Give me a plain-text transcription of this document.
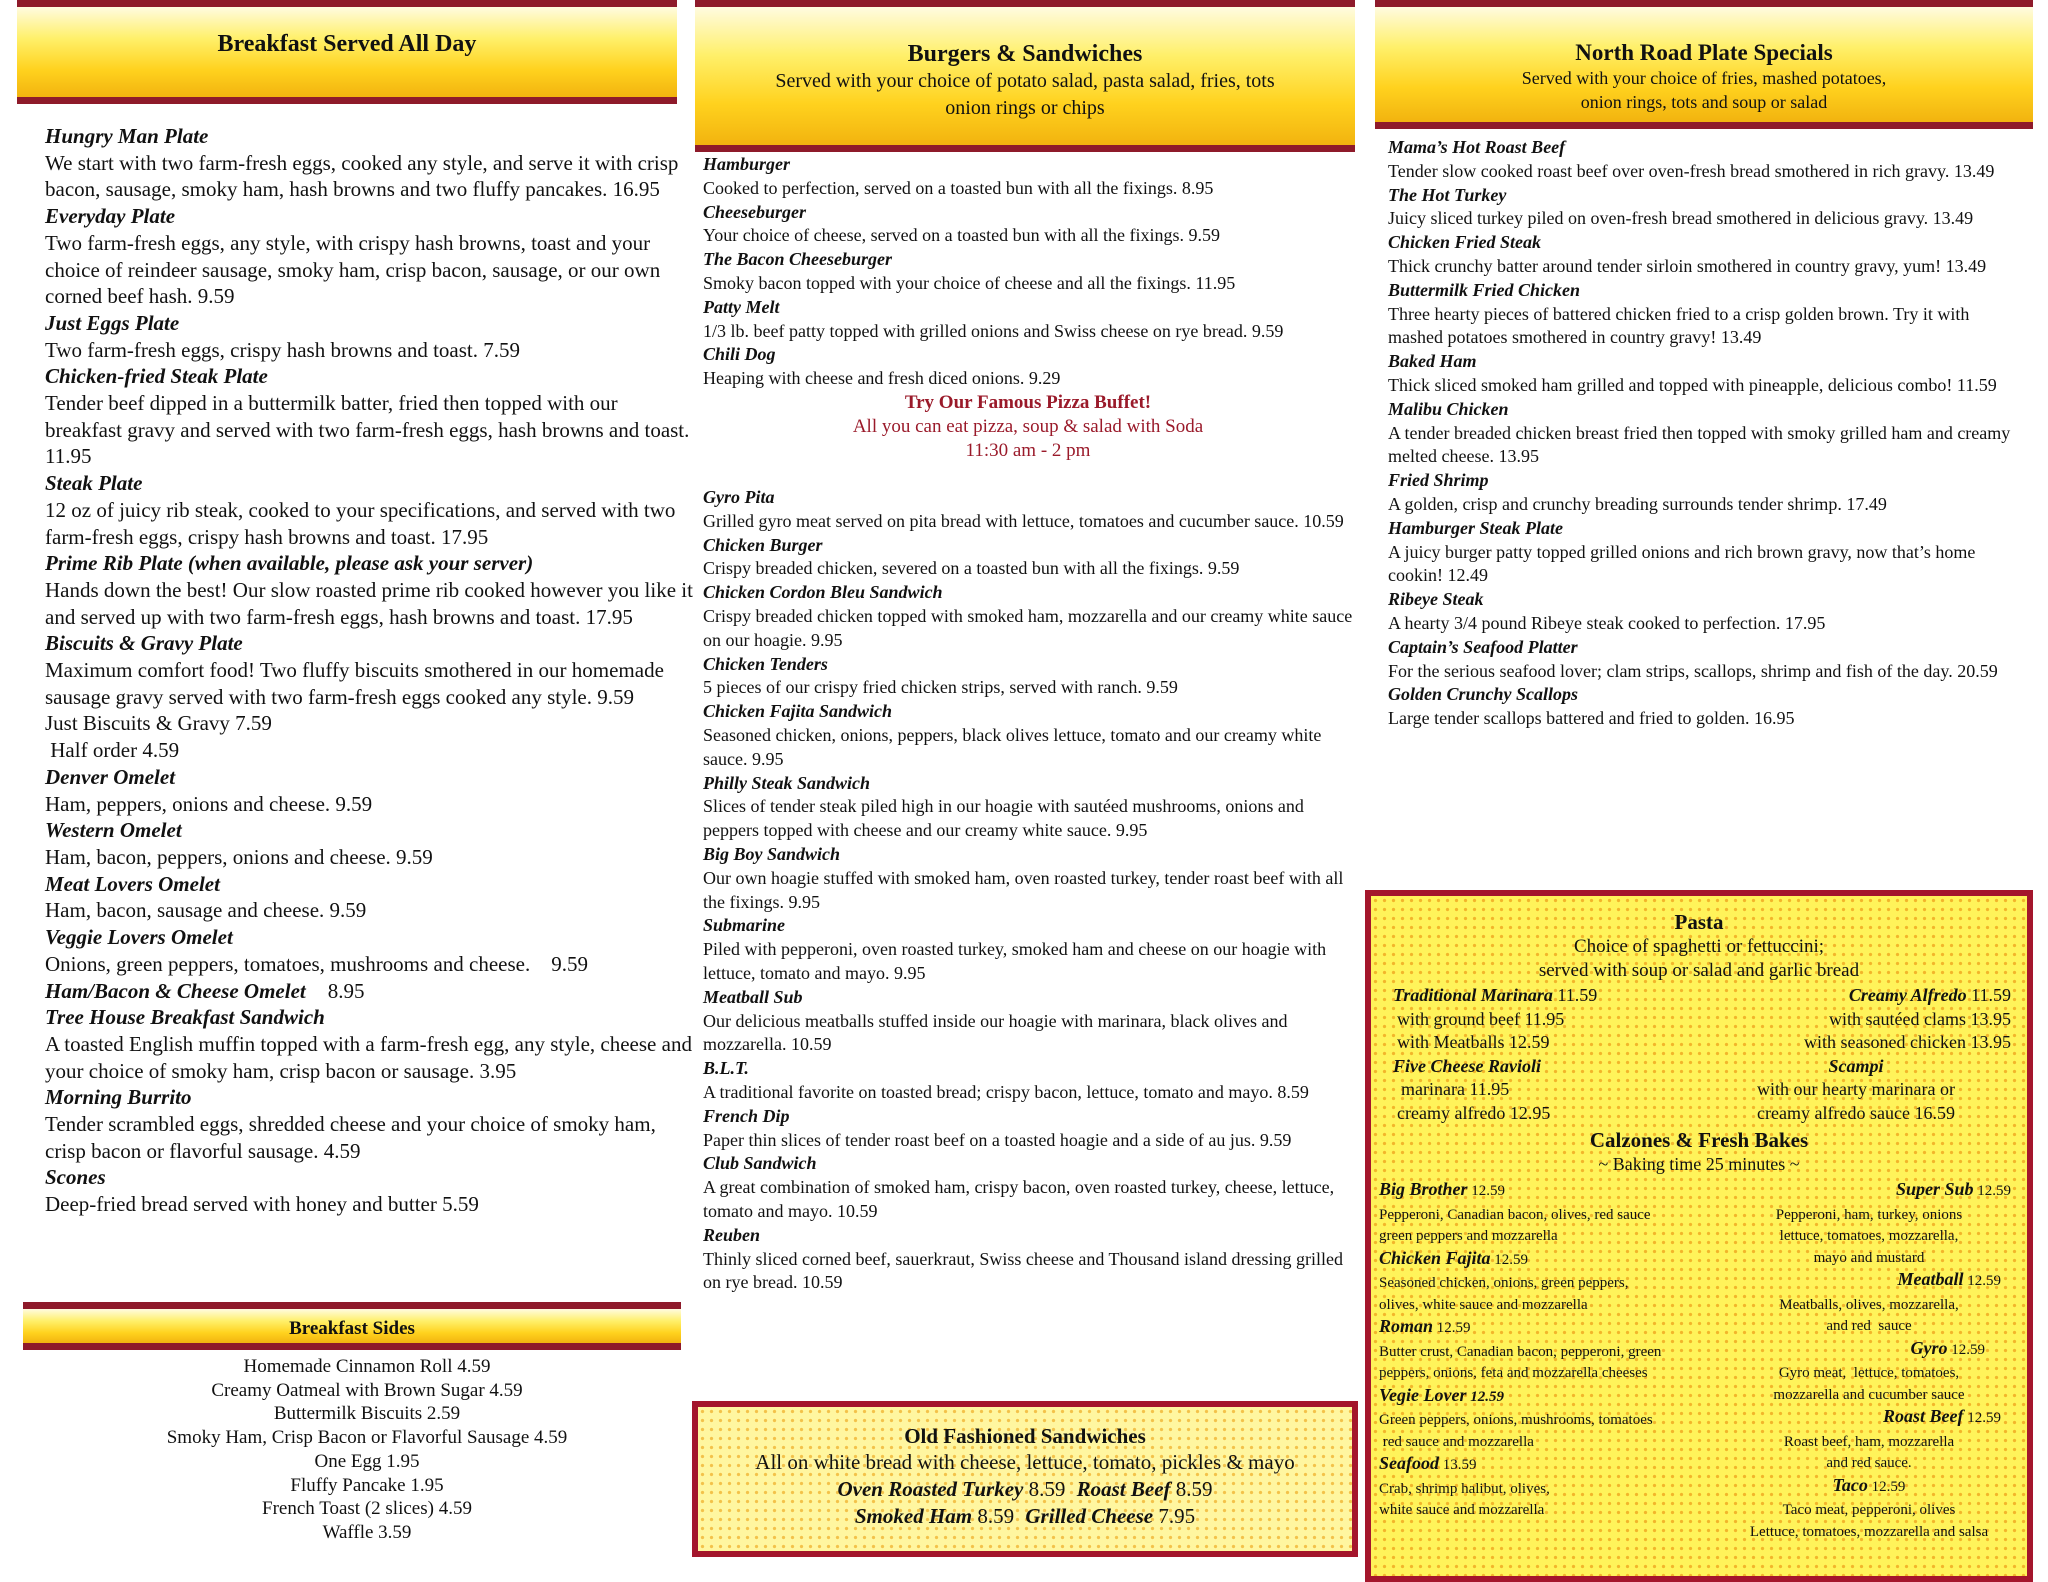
Breakfast Served All Day
Hungry Man Plate
We start with two farm-fresh eggs, cooked any style, and serve it with crisp bacon, sausage, smoky ham, hash browns and two fluffy pancakes. 16.95
Everyday Plate
Two farm-fresh eggs, any style, with crispy hash browns, toast and your choice of reindeer sausage, smoky ham, crisp bacon, sausage, or our own corned beef hash. 9.59
Just Eggs Plate
Two farm-fresh eggs, crispy hash browns and toast. 7.59
Chicken-fried Steak Plate
Tender beef dipped in a buttermilk batter, fried then topped with our breakfast gravy and served with two farm-fresh eggs, hash browns and toast. 11.95
Steak Plate
12 oz of juicy rib steak, cooked to your specifications, and served with two farm-fresh eggs, crispy hash browns and toast. 17.95
Prime Rib Plate (when available, please ask your server)
Hands down the best! Our slow roasted prime rib cooked however you like it and served up with two farm-fresh eggs, hash browns and toast. 17.95
Biscuits & Gravy Plate
Maximum comfort food! Two fluffy biscuits smothered in our homemade sausage gravy served with two farm-fresh eggs cooked any style. 9.59
Just Biscuits & Gravy 7.59
Half order 4.59
Denver Omelet
Ham, peppers, onions and cheese. 9.59
Western Omelet
Ham, bacon, peppers, onions and cheese. 9.59
Meat Lovers Omelet
Ham, bacon, sausage and cheese. 9.59
Veggie Lovers Omelet
Onions, green peppers, tomatoes, mushrooms and cheese.    9.59
Ham/Bacon & Cheese Omelet 8.95
Tree House Breakfast Sandwich
A toasted English muffin topped with a farm-fresh egg, any style, cheese and your choice of smoky ham, crisp bacon or sausage. 3.95
Morning Burrito
Tender scrambled eggs, shredded cheese and your choice of smoky ham, crisp bacon or flavorful sausage. 4.59
Scones
Deep-fried bread served with honey and butter 5.59
Breakfast Sides
Homemade Cinnamon Roll 4.59
Creamy Oatmeal with Brown Sugar 4.59
Buttermilk Biscuits 2.59
Smoky Ham, Crisp Bacon or Flavorful Sausage 4.59
One Egg 1.95
Fluffy Pancake 1.95
French Toast (2 slices) 4.59
Waffle 3.59
Burgers & Sandwiches
Served with your choice of potato salad, pasta salad, fries, tots
onion rings or chips
Hamburger
Cooked to perfection, served on a toasted bun with all the fixings. 8.95
Cheeseburger
Your choice of cheese, served on a toasted bun with all the fixings. 9.59
The Bacon Cheeseburger
Smoky bacon topped with your choice of cheese and all the fixings. 11.95
Patty Melt
1/3 lb. beef patty topped with grilled onions and Swiss cheese on rye bread. 9.59
Chili Dog
Heaping with cheese and fresh diced onions. 9.29
Try Our Famous Pizza Buffet!
All you can eat pizza, soup & salad with Soda
11:30 am - 2 pm
Gyro Pita
Grilled gyro meat served on pita bread with lettuce, tomatoes and cucumber sauce. 10.59
Chicken Burger
Crispy breaded chicken, severed on a toasted bun with all the fixings. 9.59
Chicken Cordon Bleu Sandwich
Crispy breaded chicken topped with smoked ham, mozzarella and our creamy white sauce on our hoagie. 9.95
Chicken Tenders
5 pieces of our crispy fried chicken strips, served with ranch. 9.59
Chicken Fajita Sandwich
Seasoned chicken, onions, peppers, black olives lettuce, tomato and our creamy white sauce. 9.95
Philly Steak Sandwich
Slices of tender steak piled high in our hoagie with sautéed mushrooms, onions and peppers topped with cheese and our creamy white sauce. 9.95
Big Boy Sandwich
Our own hoagie stuffed with smoked ham, oven roasted turkey, tender roast beef with all the fixings. 9.95
Submarine
Piled with pepperoni, oven roasted turkey, smoked ham and cheese on our hoagie with lettuce, tomato and mayo. 9.95
Meatball Sub
Our delicious meatballs stuffed inside our hoagie with marinara, black olives and mozzarella. 10.59
B.L.T.
A traditional favorite on toasted bread; crispy bacon, lettuce, tomato and mayo. 8.59
French Dip
Paper thin slices of tender roast beef on a toasted hoagie and a side of au jus. 9.59
Club Sandwich
A great combination of smoked ham, crispy bacon, oven roasted turkey, cheese, lettuce, tomato and mayo. 10.59
Reuben
Thinly sliced corned beef, sauerkraut, Swiss cheese and Thousand island dressing grilled on rye bread. 10.59
Old Fashioned Sandwiches
All on white bread with cheese, lettuce, tomato, pickles & mayo
Oven Roasted Turkey 8.59 Roast Beef 8.59
Smoked Ham 8.59 Grilled Cheese 7.95
North Road Plate Specials
Served with your choice of fries, mashed potatoes,
onion rings, tots and soup or salad
Mama’s Hot Roast Beef
Tender slow cooked roast beef over oven-fresh bread smothered in rich gravy. 13.49
The Hot Turkey
Juicy sliced turkey piled on oven-fresh bread smothered in delicious gravy. 13.49
Chicken Fried Steak
Thick crunchy batter around tender sirloin smothered in country gravy, yum! 13.49
Buttermilk Fried Chicken
Three hearty pieces of battered chicken fried to a crisp golden brown. Try it with mashed potatoes smothered in country gravy! 13.49
Baked Ham
Thick sliced smoked ham grilled and topped with pineapple, delicious combo! 11.59
Malibu Chicken
A tender breaded chicken breast fried then topped with smoky grilled ham and creamy melted cheese. 13.95
Fried Shrimp
A golden, crisp and crunchy breading surrounds tender shrimp. 17.49
Hamburger Steak Plate
A juicy burger patty topped grilled onions and rich brown gravy, now that’s home cookin! 12.49
Ribeye Steak
A hearty 3/4 pound Ribeye steak cooked to perfection. 17.95
Captain’s Seafood Platter
For the serious seafood lover; clam strips, scallops, shrimp and fish of the day. 20.59
Golden Crunchy Scallops
Large tender scallops battered and fried to golden. 16.95
Pasta
Choice of spaghetti or fettuccini;
served with soup or salad and garlic bread
Traditional Marinara 11.59
with ground beef 11.95
with Meatballs 12.59
Five Cheese Ravioli
marinara 11.95
creamy alfredo 12.95
Creamy Alfredo 11.59
with sautéed clams 13.95
with seasoned chicken 13.95
Scampi
with our hearty marinara or
creamy alfredo sauce 16.59
Calzones & Fresh Bakes
~ Baking time 25 minutes ~
Big Brother 12.59
Pepperoni, Canadian bacon, olives, red sauce
green peppers and mozzarella
Chicken Fajita 12.59
Seasoned chicken, onions, green peppers,
olives, white sauce and mozzarella
Roman 12.59
Butter crust, Canadian bacon, pepperoni, green
peppers, onions, feta and mozzarella cheeses
Vegie Lover 12.59
Green peppers, onions, mushrooms, tomatoes
red sauce and mozzarella
Seafood 13.59
Crab, shrimp halibut, olives,
white sauce and mozzarella
Super Sub 12.59
Pepperoni, ham, turkey, onions
lettuce, tomatoes, mozzarella,
mayo and mustard
Meatball 12.59
Meatballs, olives, mozzarella,
and red  sauce
Gyro 12.59
Gyro meat,  lettuce, tomatoes,
mozzarella and cucumber sauce
Roast Beef 12.59
Roast beef, ham, mozzarella
and red sauce.
Taco 12.59
Taco meat, pepperoni, olives
Lettuce, tomatoes, mozzarella and salsa
